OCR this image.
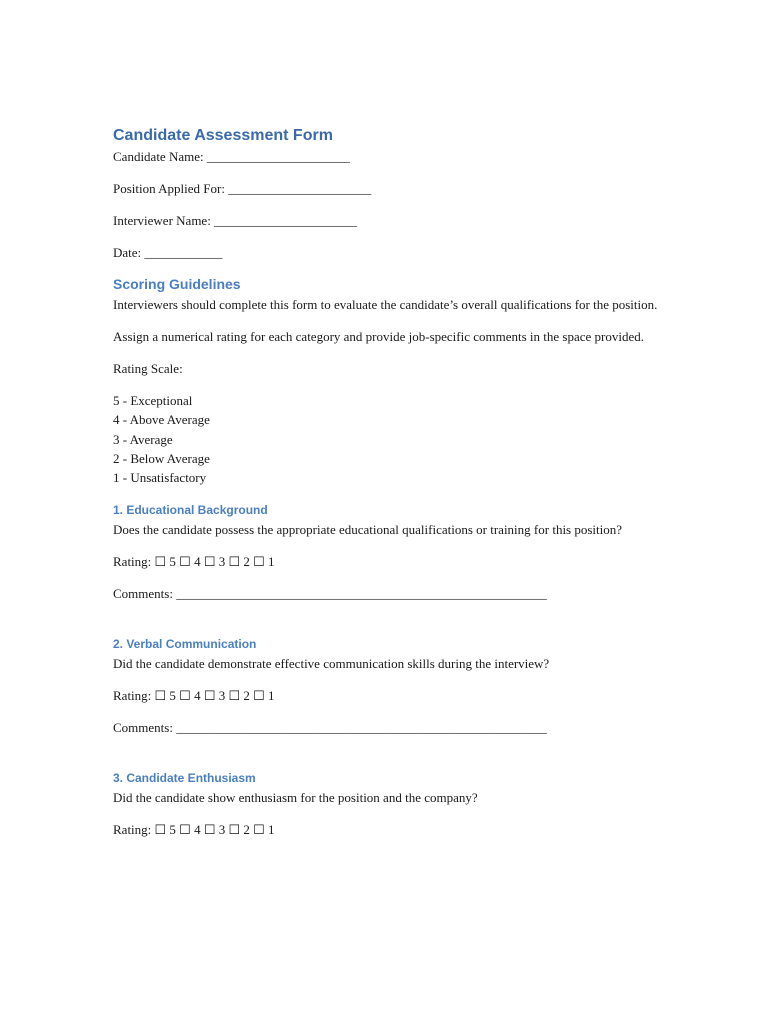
Candidate Assessment Form

Candidate Name: ______________________

Position Applied For: ______________________

Interviewer Name: ______________________

Date: ____________

Scoring Guidelines

Interviewers should complete this form to evaluate the candidate’s overall qualifications for the position.

Assign a numerical rating for each category and provide job-specific comments in the space provided.

Rating Scale:

5 - Exceptional
4 - Above Average
3 - Average
2 - Below Average
1 - Unsatisfactory
1. Educational Background

Does the candidate possess the appropriate educational qualifications or training for this position?

Rating: ☐ 5 ☐ 4 ☐ 3 ☐ 2 ☐ 1

Comments: _________________________________________________________

2. Verbal Communication

Did the candidate demonstrate effective communication skills during the interview?

Rating: ☐ 5 ☐ 4 ☐ 3 ☐ 2 ☐ 1

Comments: _________________________________________________________

3. Candidate Enthusiasm

Did the candidate show enthusiasm for the position and the company?

Rating: ☐ 5 ☐ 4 ☐ 3 ☐ 2 ☐ 1
